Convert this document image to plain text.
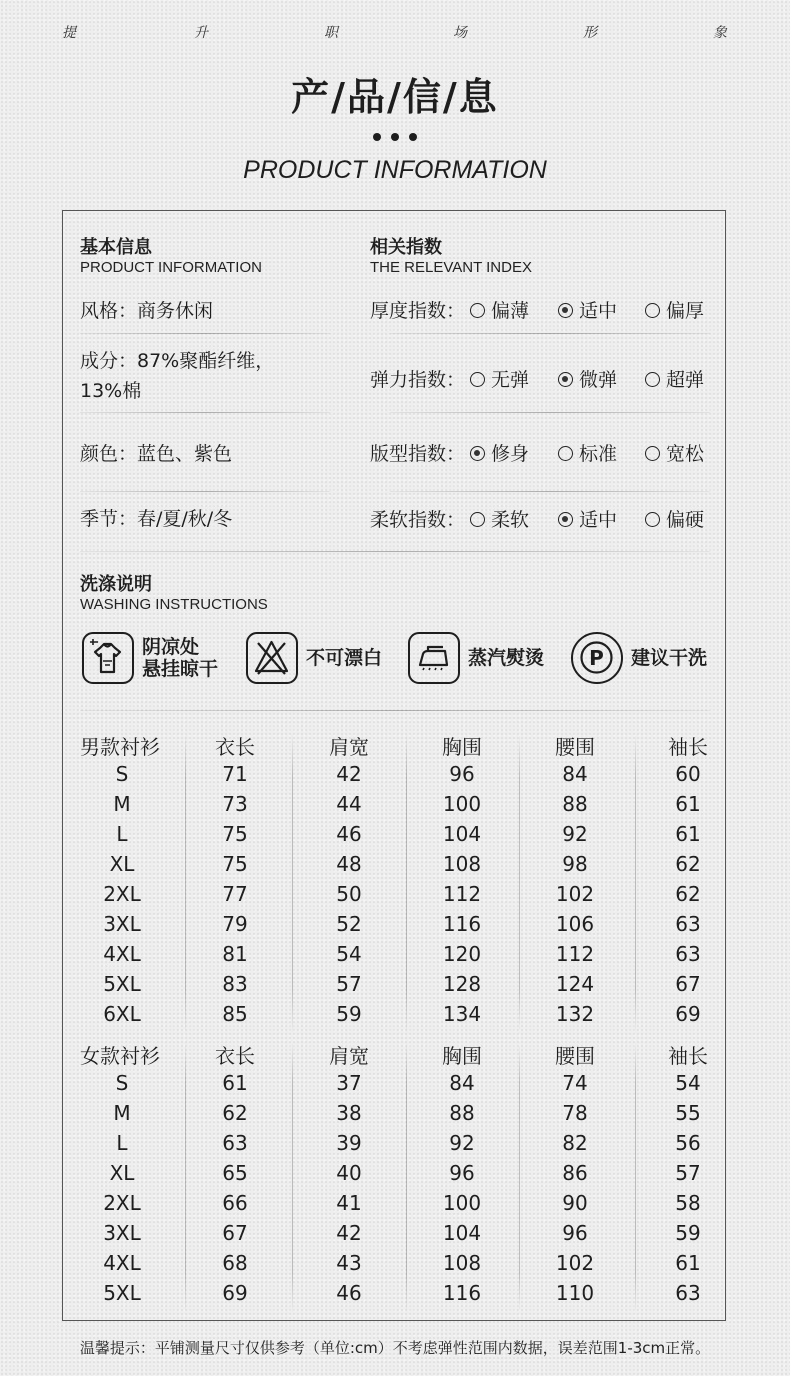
提	升	职	场	形	象
产/品/信/息
PRODUCT INFORMATION
基本信息
PRODUCT INFORMATION
风格：商务休闲
成分：87%聚酯纤维，
13%棉
颜色：蓝色、紫色
季节：春/夏/秋/冬
相关指数
THE RELEVANT INDEX
厚度指数：	偏薄	适中	偏厚
弹力指数：	无弹	微弹	超弹
版型指数：	修身	标准	宽松
柔软指数：	柔软	适中	偏硬
洗涤说明
WASHING INSTRUCTIONS
阴凉处
悬挂晾干	不可漂白	蒸汽熨烫 P 建议干洗
男款衬衫	衣长	肩宽	胸围	腰围	袖长
S	71	42	96	84	60
M	73	44	100	88	61
L	75	46	104	92	61
XL	75	48	108	98	62
2XL	77	50	112	102	62
3XL	79	52	116	106	63
4XL	81	54	120	112	63
5XL	83	57	128	124	67
6XL	85	59	134	132	69
女款衬衫	衣长	肩宽	胸围	腰围	袖长
S	61	37	84	74	54
M	62	38	88	78	55
L	63	39	92	82	56
XL	65	40	96	86	57
2XL	66	41	100	90	58
3XL	67	42	104	96	59
4XL	68	43	108	102	61
5XL	69	46	116	110	63
温馨提示：平铺测量尺寸仅供参考（单位:cm）不考虑弹性范围内数据，误差范围1-3cm正常。
